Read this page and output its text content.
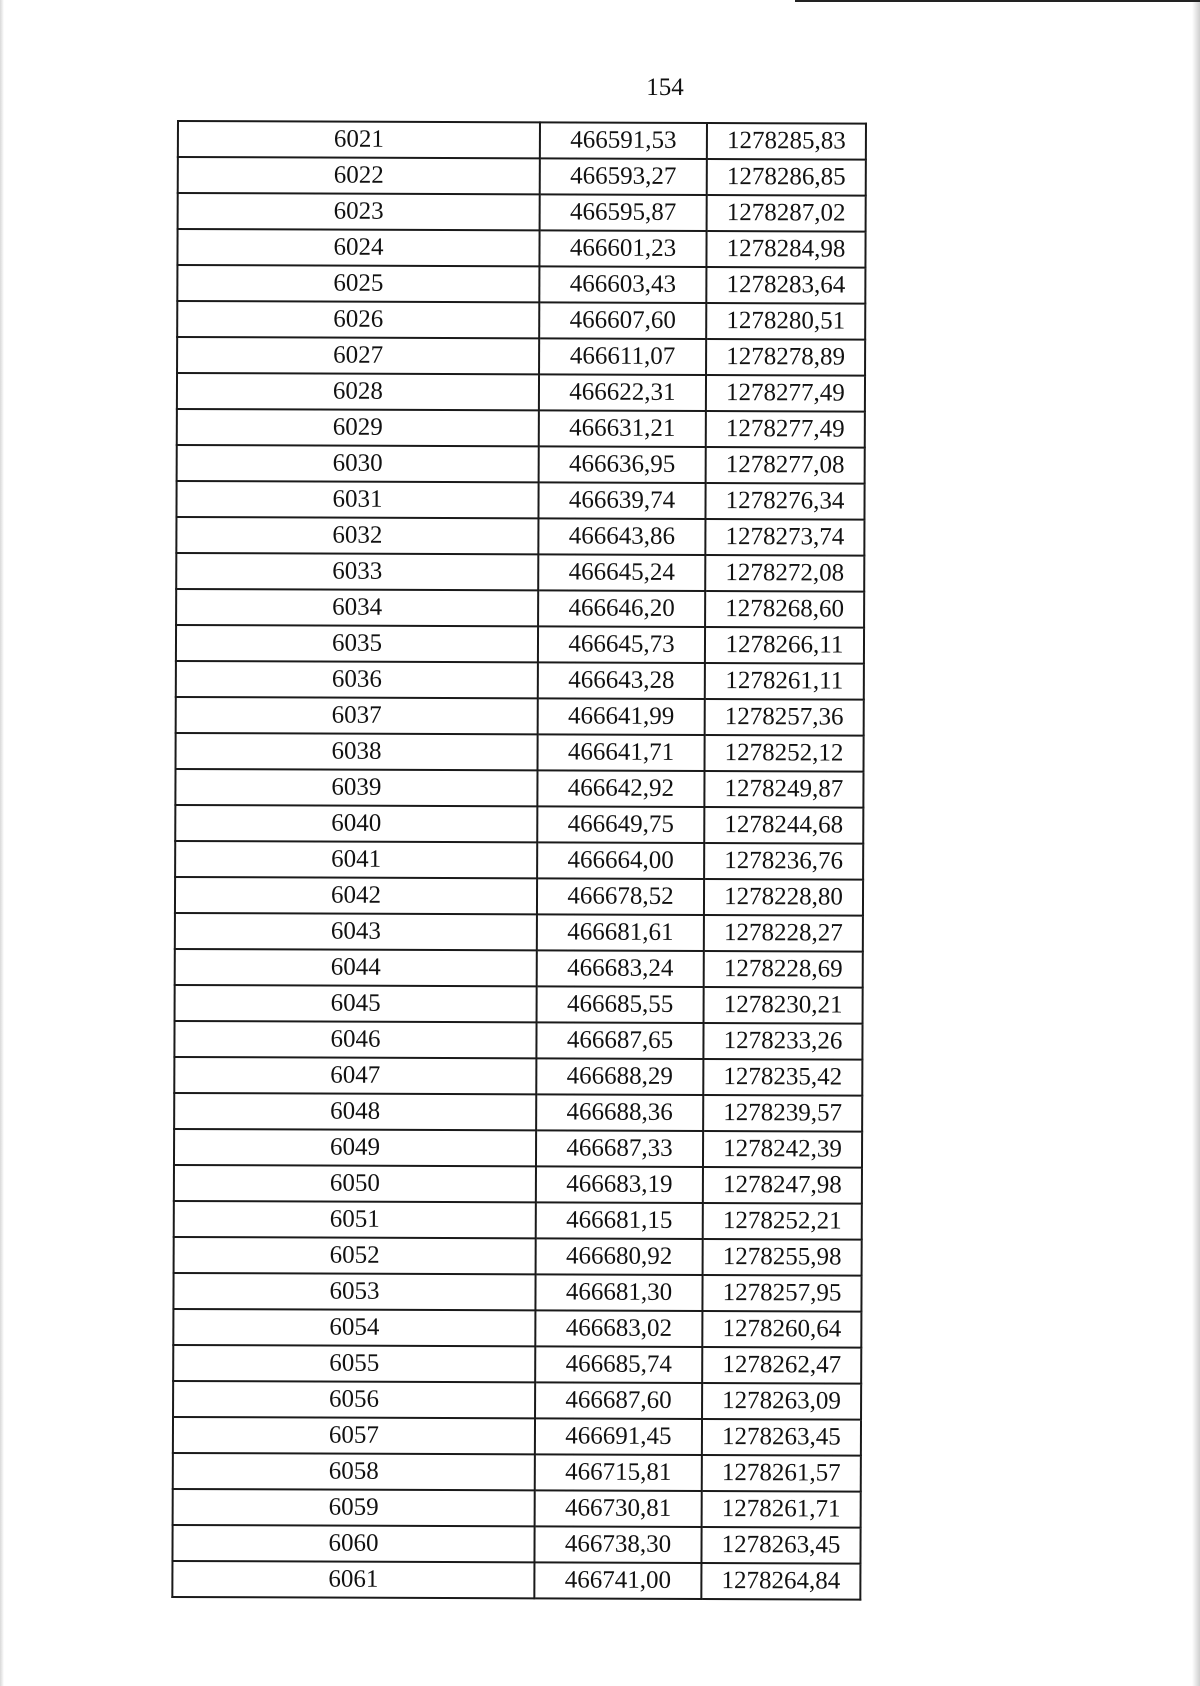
154
6021	466591,53	1278285,83
6022	466593,27	1278286,85
6023	466595,87	1278287,02
6024	466601,23	1278284,98
6025	466603,43	1278283,64
6026	466607,60	1278280,51
6027	466611,07	1278278,89
6028	466622,31	1278277,49
6029	466631,21	1278277,49
6030	466636,95	1278277,08
6031	466639,74	1278276,34
6032	466643,86	1278273,74
6033	466645,24	1278272,08
6034	466646,20	1278268,60
6035	466645,73	1278266,11
6036	466643,28	1278261,11
6037	466641,99	1278257,36
6038	466641,71	1278252,12
6039	466642,92	1278249,87
6040	466649,75	1278244,68
6041	466664,00	1278236,76
6042	466678,52	1278228,80
6043	466681,61	1278228,27
6044	466683,24	1278228,69
6045	466685,55	1278230,21
6046	466687,65	1278233,26
6047	466688,29	1278235,42
6048	466688,36	1278239,57
6049	466687,33	1278242,39
6050	466683,19	1278247,98
6051	466681,15	1278252,21
6052	466680,92	1278255,98
6053	466681,30	1278257,95
6054	466683,02	1278260,64
6055	466685,74	1278262,47
6056	466687,60	1278263,09
6057	466691,45	1278263,45
6058	466715,81	1278261,57
6059	466730,81	1278261,71
6060	466738,30	1278263,45
6061	466741,00	1278264,84
